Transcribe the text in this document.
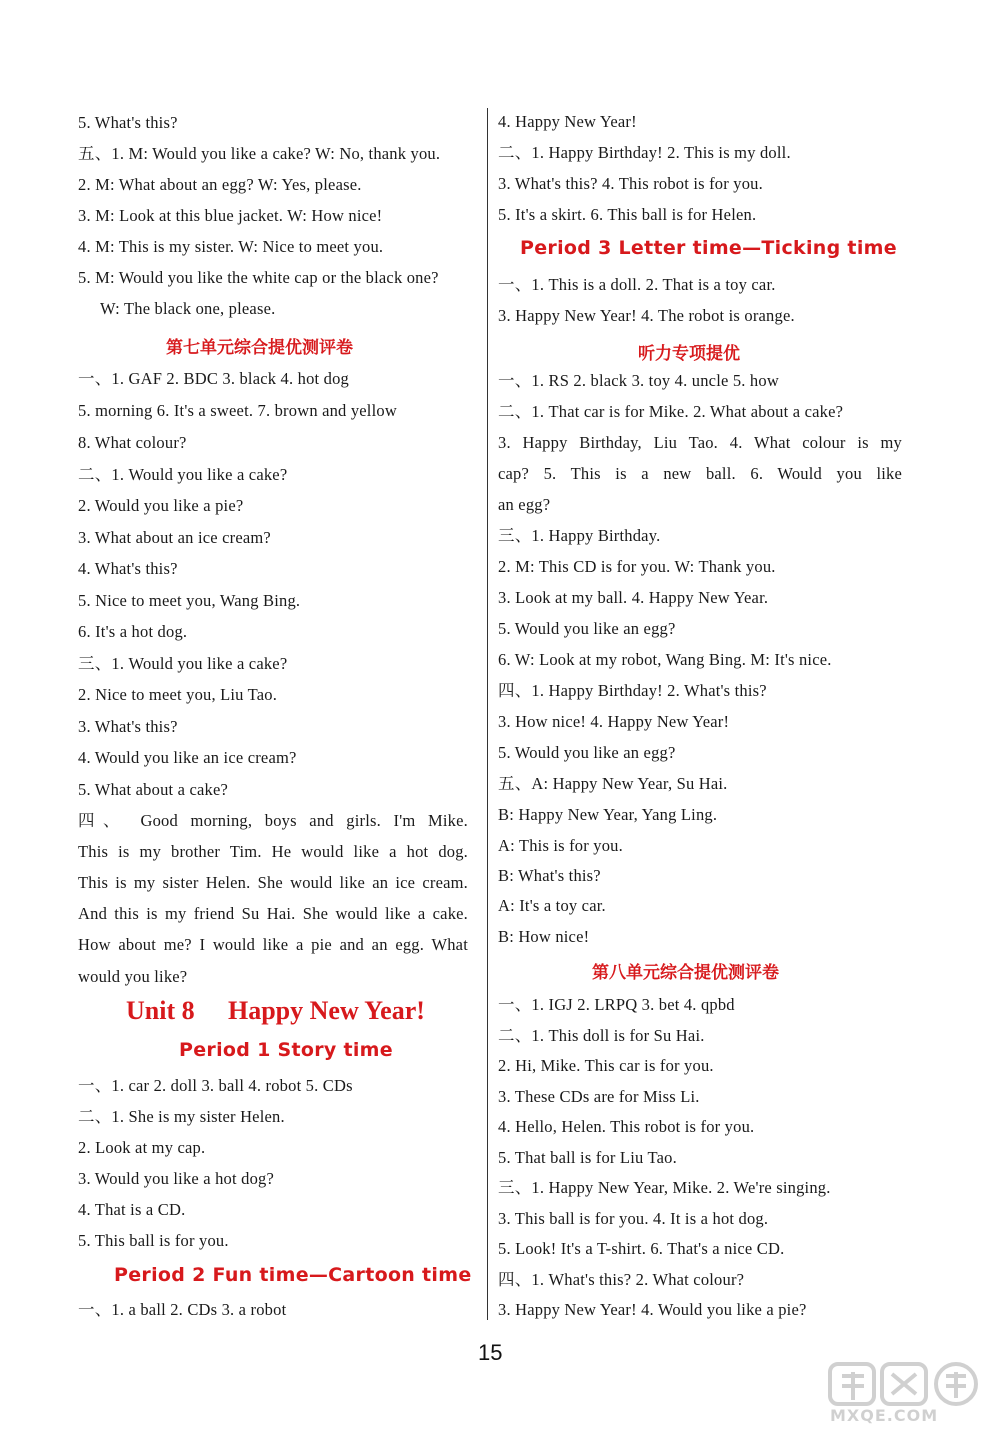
5. What's this?
五、1. M: Would you like a cake? W: No, thank you.
2. M: What about an egg? W: Yes, please.
3. M: Look at this blue jacket. W: How nice!
4. M: This is my sister. W: Nice to meet you.
5. M: Would you like the white cap or the black one?
W: The black one, please.
第七单元综合提优测评卷
一、1. GAF 2. BDC 3. black 4. hot dog
5. morning 6. It's a sweet. 7. brown and yellow
8. What colour?
二、1. Would you like a cake?
2. Would you like a pie?
3. What about an ice cream?
4. What's this?
5. Nice to meet you, Wang Bing.
6. It's a hot dog.
三、1. Would you like a cake?
2. Nice to meet you, Liu Tao.
3. What's this?
4. Would you like an ice cream?
5. What about a cake?
四、 Good morning, boys and girls. I'm Mike.
This is my brother Tim. He would like a hot dog.
This is my sister Helen. She would like an ice cream.
And this is my friend Su Hai. She would like a cake.
How about me? I would like a pie and an egg. What
would you like?
Unit 8 Happy New Year!
Period 1 Story time
一、1. car 2. doll 3. ball 4. robot 5. CDs
二、1. She is my sister Helen.
2. Look at my cap.
3. Would you like a hot dog?
4. That is a CD.
5. This ball is for you.
Period 2 Fun time—Cartoon time
一、1. a ball 2. CDs 3. a robot
4. Happy New Year!
二、1. Happy Birthday! 2. This is my doll.
3. What's this? 4. This robot is for you.
5. It's a skirt. 6. This ball is for Helen.
Period 3 Letter time—Ticking time
一、1. This is a doll. 2. That is a toy car.
3. Happy New Year! 4. The robot is orange.
听力专项提优
一、1. RS 2. black 3. toy 4. uncle 5. how
二、1. That car is for Mike. 2. What about a cake?
3. Happy Birthday, Liu Tao. 4. What colour is my
cap? 5. This is a new ball. 6. Would you like
an egg?
三、1. Happy Birthday.
2. M: This CD is for you. W: Thank you.
3. Look at my ball. 4. Happy New Year.
5. Would you like an egg?
6. W: Look at my robot, Wang Bing. M: It's nice.
四、1. Happy Birthday! 2. What's this?
3. How nice! 4. Happy New Year!
5. Would you like an egg?
五、A: Happy New Year, Su Hai.
B: Happy New Year, Yang Ling.
A: This is for you.
B: What's this?
A: It's a toy car.
B: How nice!
第八单元综合提优测评卷
一、1. IGJ 2. LRPQ 3. bet 4. qpbd
二、1. This doll is for Su Hai.
2. Hi, Mike. This car is for you.
3. These CDs are for Miss Li.
4. Hello, Helen. This robot is for you.
5. That ball is for Liu Tao.
三、1. Happy New Year, Mike. 2. We're singing.
3. This ball is for you. 4. It is a hot dog.
5. Look! It's a T-shirt. 6. That's a nice CD.
四、1. What's this? 2. What colour?
3. Happy New Year! 4. Would you like a pie?
15
MXQE.COM
